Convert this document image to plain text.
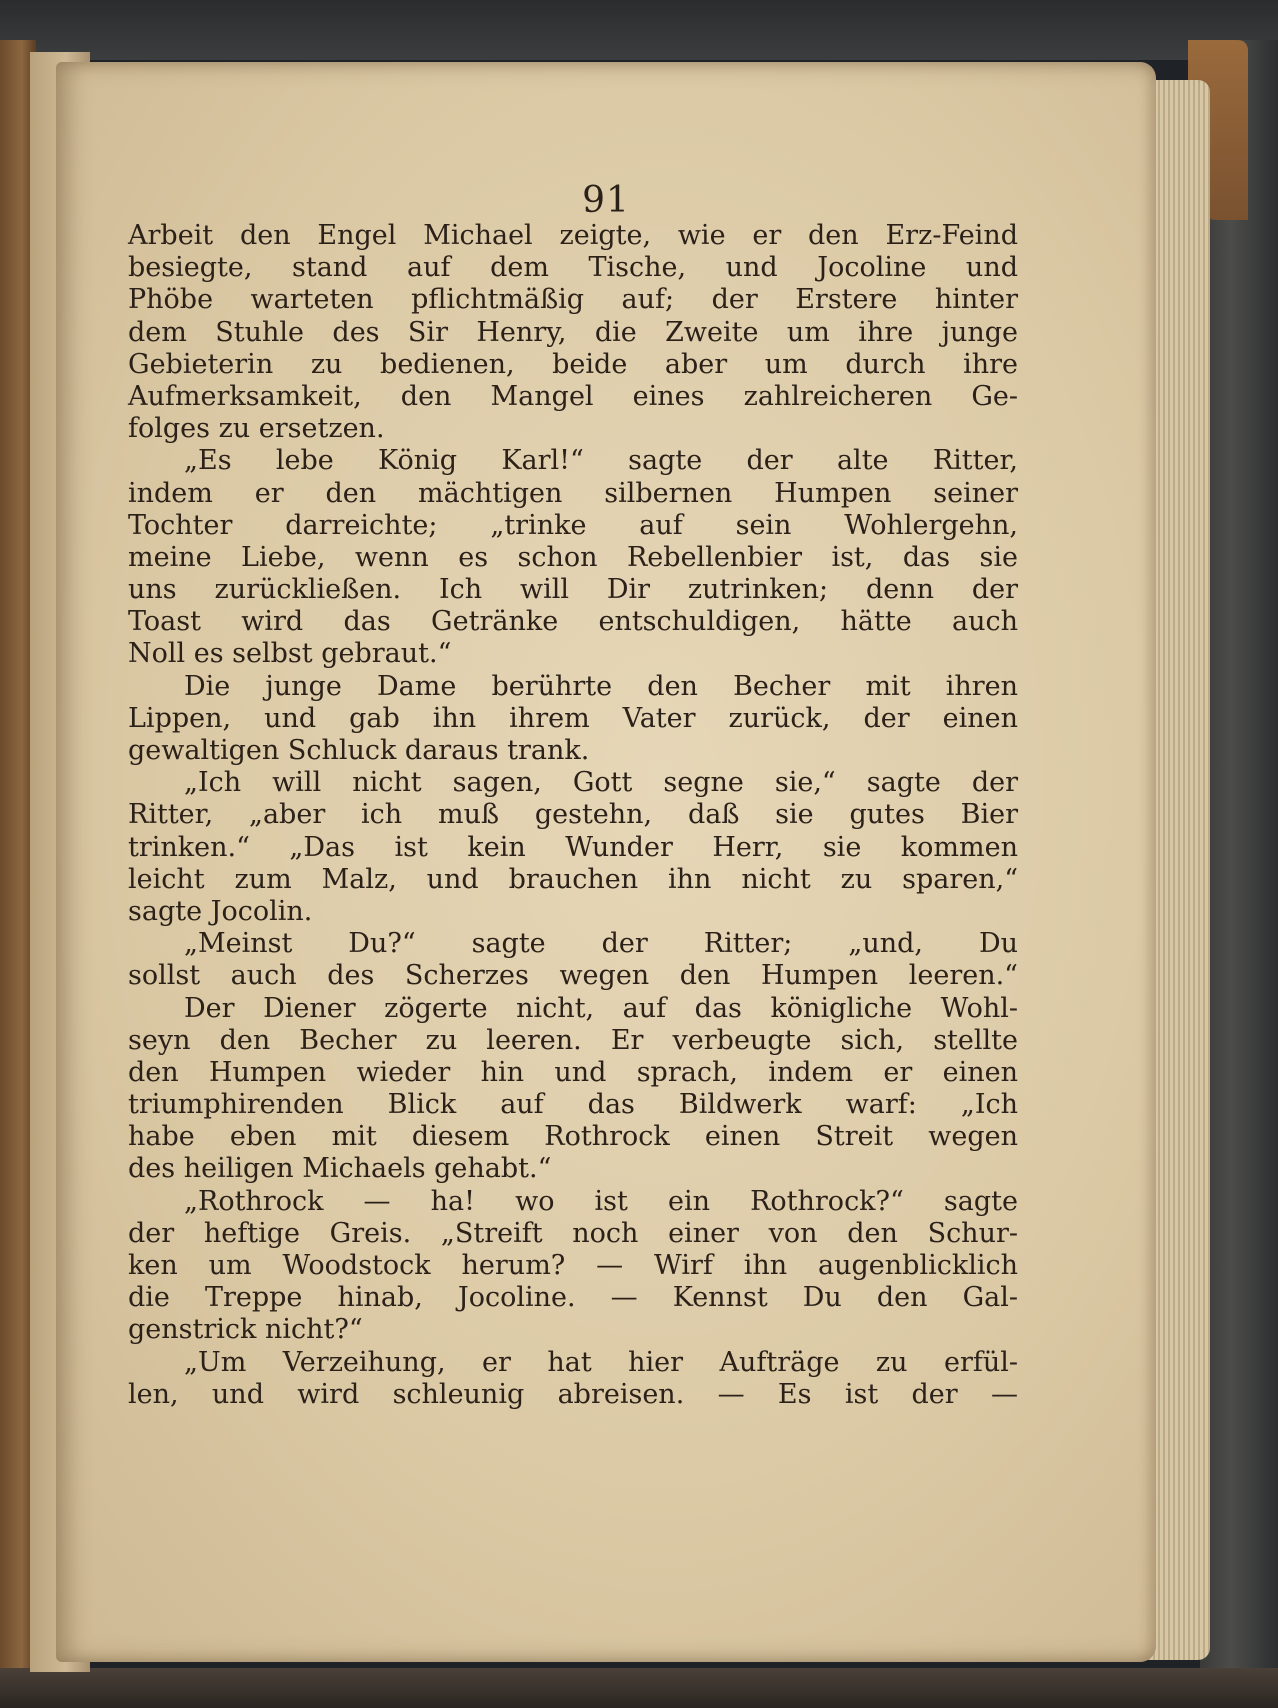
91
Arbeit den Engel Michael zeigte, wie er den Erz-Feind
besiegte, stand auf dem Tische, und Jocoline und
Phöbe warteten pflichtmäßig auf; der Erstere hinter
dem Stuhle des Sir Henry, die Zweite um ihre junge
Gebieterin zu bedienen, beide aber um durch ihre
Aufmerksamkeit, den Mangel eines zahlreicheren Ge-
folges zu ersetzen.
„Es lebe König Karl!“ sagte der alte Ritter,
indem er den mächtigen silbernen Humpen seiner
Tochter darreichte; „trinke auf sein Wohlergehn,
meine Liebe, wenn es schon Rebellenbier ist, das sie
uns zurückließen. Ich will Dir zutrinken; denn der
Toast wird das Getränke entschuldigen, hätte auch
Noll es selbst gebraut.“
Die junge Dame berührte den Becher mit ihren
Lippen, und gab ihn ihrem Vater zurück, der einen
gewaltigen Schluck daraus trank.
„Ich will nicht sagen, Gott segne sie,“ sagte der
Ritter, „aber ich muß gestehn, daß sie gutes Bier
trinken.“ „Das ist kein Wunder Herr, sie kommen
leicht zum Malz, und brauchen ihn nicht zu sparen,“
sagte Jocolin.
„Meinst Du?“ sagte der Ritter; „und, Du
sollst auch des Scherzes wegen den Humpen leeren.“
Der Diener zögerte nicht, auf das königliche Wohl-
seyn den Becher zu leeren. Er verbeugte sich, stellte
den Humpen wieder hin und sprach, indem er einen
triumphirenden Blick auf das Bildwerk warf: „Ich
habe eben mit diesem Rothrock einen Streit wegen
des heiligen Michaels gehabt.“
„Rothrock — ha! wo ist ein Rothrock?“ sagte
der heftige Greis. „Streift noch einer von den Schur-
ken um Woodstock herum? — Wirf ihn augenblicklich
die Treppe hinab, Jocoline. — Kennst Du den Gal-
genstrick nicht?“
„Um Verzeihung, er hat hier Aufträge zu erfül-
len, und wird schleunig abreisen. — Es ist der —
